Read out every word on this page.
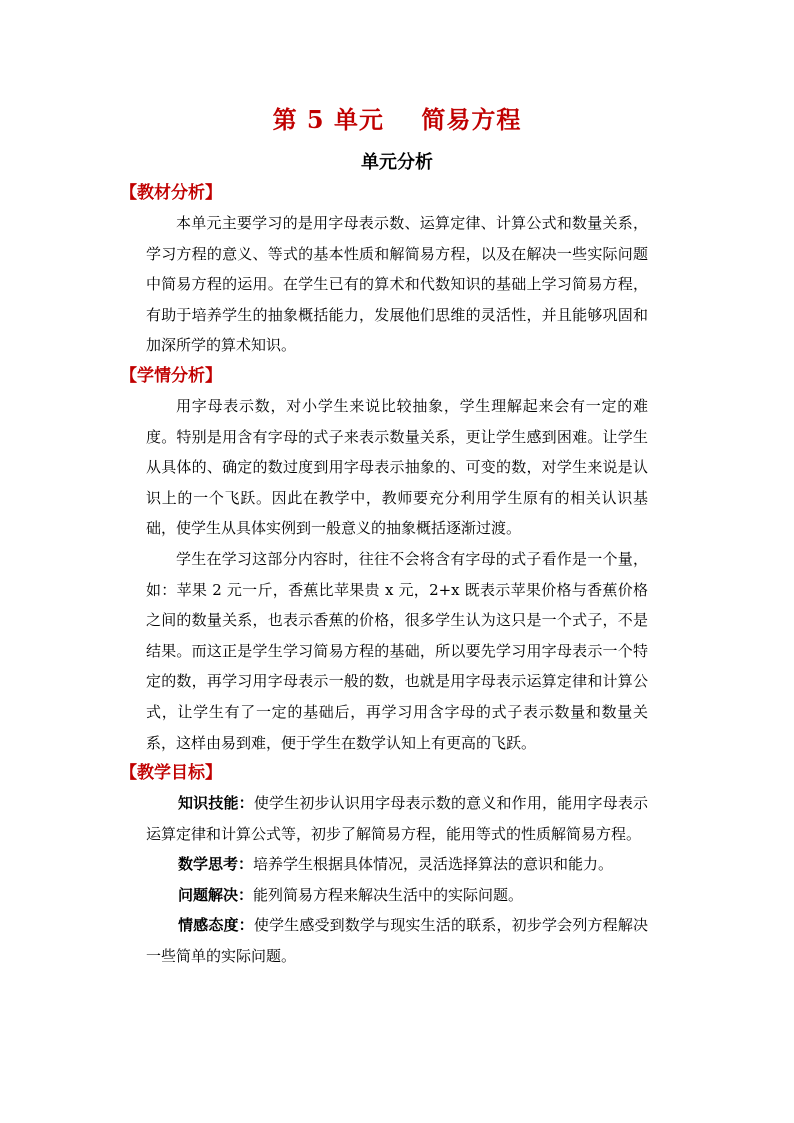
第 5 单元    简易方程
单元分析
【教材分析】

本单元主要学习的是用字母表示数、运算定律、计算公式和数量关系，学习方程的意义、等式的基本性质和解简易方程，以及在解决一些实际问题中简易方程的运用。在学生已有的算术和代数知识的基础上学习简易方程，有助于培养学生的抽象概括能力，发展他们思维的灵活性，并且能够巩固和加深所学的算术知识。

【学情分析】

用字母表示数，对小学生来说比较抽象，学生理解起来会有一定的难度。特别是用含有字母的式子来表示数量关系，更让学生感到困难。让学生从具体的、确定的数过度到用字母表示抽象的、可变的数，对学生来说是认识上的一个飞跃。因此在教学中，教师要充分利用学生原有的相关认识基础，使学生从具体实例到一般意义的抽象概括逐渐过渡。

学生在学习这部分内容时，往往不会将含有字母的式子看作是一个量，如：苹果 2 元一斤，香蕉比苹果贵 x 元，2+x 既表示苹果价格与香蕉价格之间的数量关系，也表示香蕉的价格，很多学生认为这只是一个式子，不是结果。而这正是学生学习简易方程的基础，所以要先学习用字母表示一个特定的数，再学习用字母表示一般的数，也就是用字母表示运算定律和计算公式，让学生有了一定的基础后，再学习用含字母的式子表示数量和数量关系，这样由易到难，便于学生在数学认知上有更高的飞跃。

【教学目标】

知识技能：使学生初步认识用字母表示数的意义和作用，能用字母表示运算定律和计算公式等，初步了解简易方程，能用等式的性质解简易方程。

数学思考：培养学生根据具体情况，灵活选择算法的意识和能力。

问题解决：能列简易方程来解决生活中的实际问题。

情感态度：使学生感受到数学与现实生活的联系，初步学会列方程解决一些简单的实际问题。
